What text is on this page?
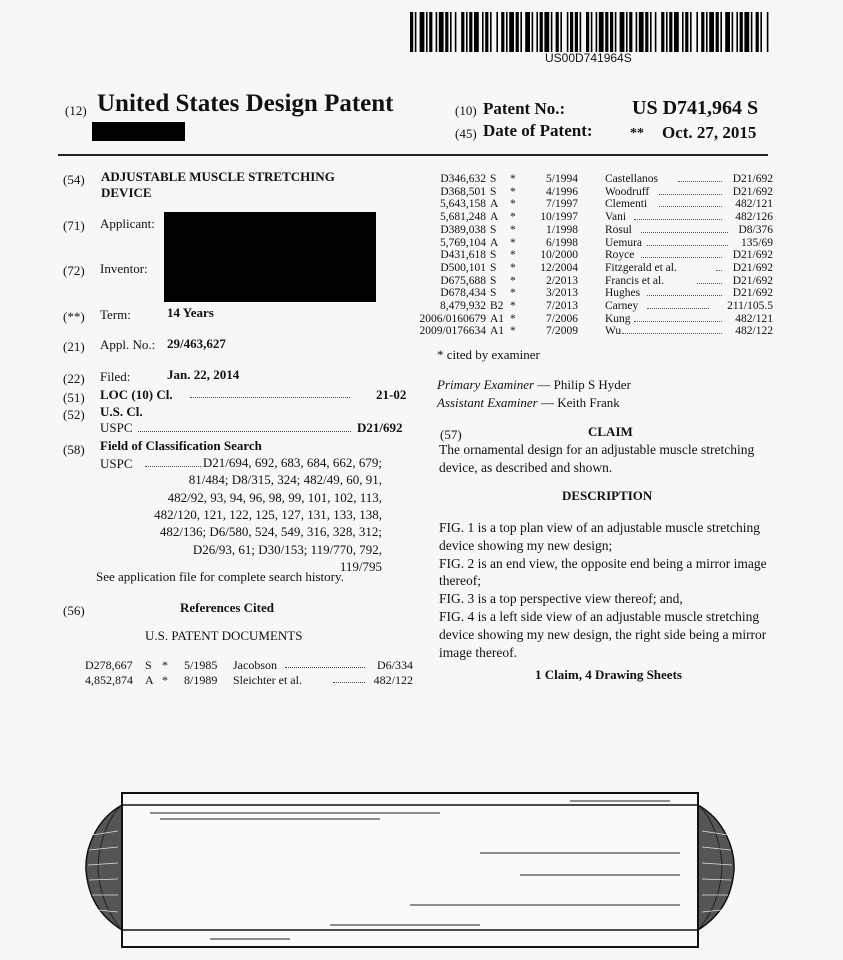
US00D741964S
(12) United States Design Patent	(10) Patent No.:	US D741,964 S
(45) Date of Patent:	** Oct. 27, 2015
(54) ADJUSTABLE MUSCLE STRETCHING
DEVICE
(71) Applicant:
(72) Inventor:
(**) Term:	14 Years
(21) Appl. No.: 29/463,627
(22) Filed:	Jan. 22, 2014
(51) LOC (10) Cl.	21-02
(52) U.S. Cl.
USPC	D21/692
(58) Field of Classification Search
USPC	D21/694, 692, 683, 684, 662, 679;
81/484; D8/315, 324; 482/49, 60, 91,
482/92, 93, 94, 96, 98, 99, 101, 102, 113,
482/120, 121, 122, 125, 127, 131, 133, 138,
482/136; D6/580, 524, 549, 316, 328, 312;
D26/93, 61; D30/153; 119/770, 792,
119/795
See application file for complete search history.
(56)	References Cited
U.S. PATENT DOCUMENTS
D278,667 S * 5/1985 Jacobson	D6/334
4,852,874 A * 8/1989 Sleichter et al.	482/122
D346,632 S *	5/1994 Castellanos	D21/692
D368,501 S *	4/1996 Woodruff	D21/692
5,643,158 A *	7/1997 Clementi	482/121
5,681,248 A * 10/1997 Vani	482/126
D389,038 S *	1/1998 Rosul	D8/376
5,769,104 A *	6/1998 Uemura	135/69
D431,618 S * 10/2000 Royce	D21/692
D500,101 S * 12/2004 Fitzgerald et al.	D21/692
D675,688 S *	2/2013 Francis et al.	D21/692
D678,434 S *	3/2013 Hughes	D21/692
8,479,932 B2 *	7/2013 Carney	211/105.5
2006/0160679 A1 *	7/2006 Kung	482/121
2009/0176634 A1 *	7/2009 Wu	482/122
* cited by examiner
Primary Examiner — Philip S Hyder
Assistant Examiner — Keith Frank
(57)	CLAIM
The ornamental design for an adjustable muscle stretching
device, as described and shown.
DESCRIPTION
FIG. 1 is a top plan view of an adjustable muscle stretching
device showing my new design;
FIG. 2 is an end view, the opposite end being a mirror image
thereof;
FIG. 3 is a top perspective view thereof; and,
FIG. 4 is a left side view of an adjustable muscle stretching
device showing my new design, the right side being a mirror
image thereof.
1 Claim, 4 Drawing Sheets
